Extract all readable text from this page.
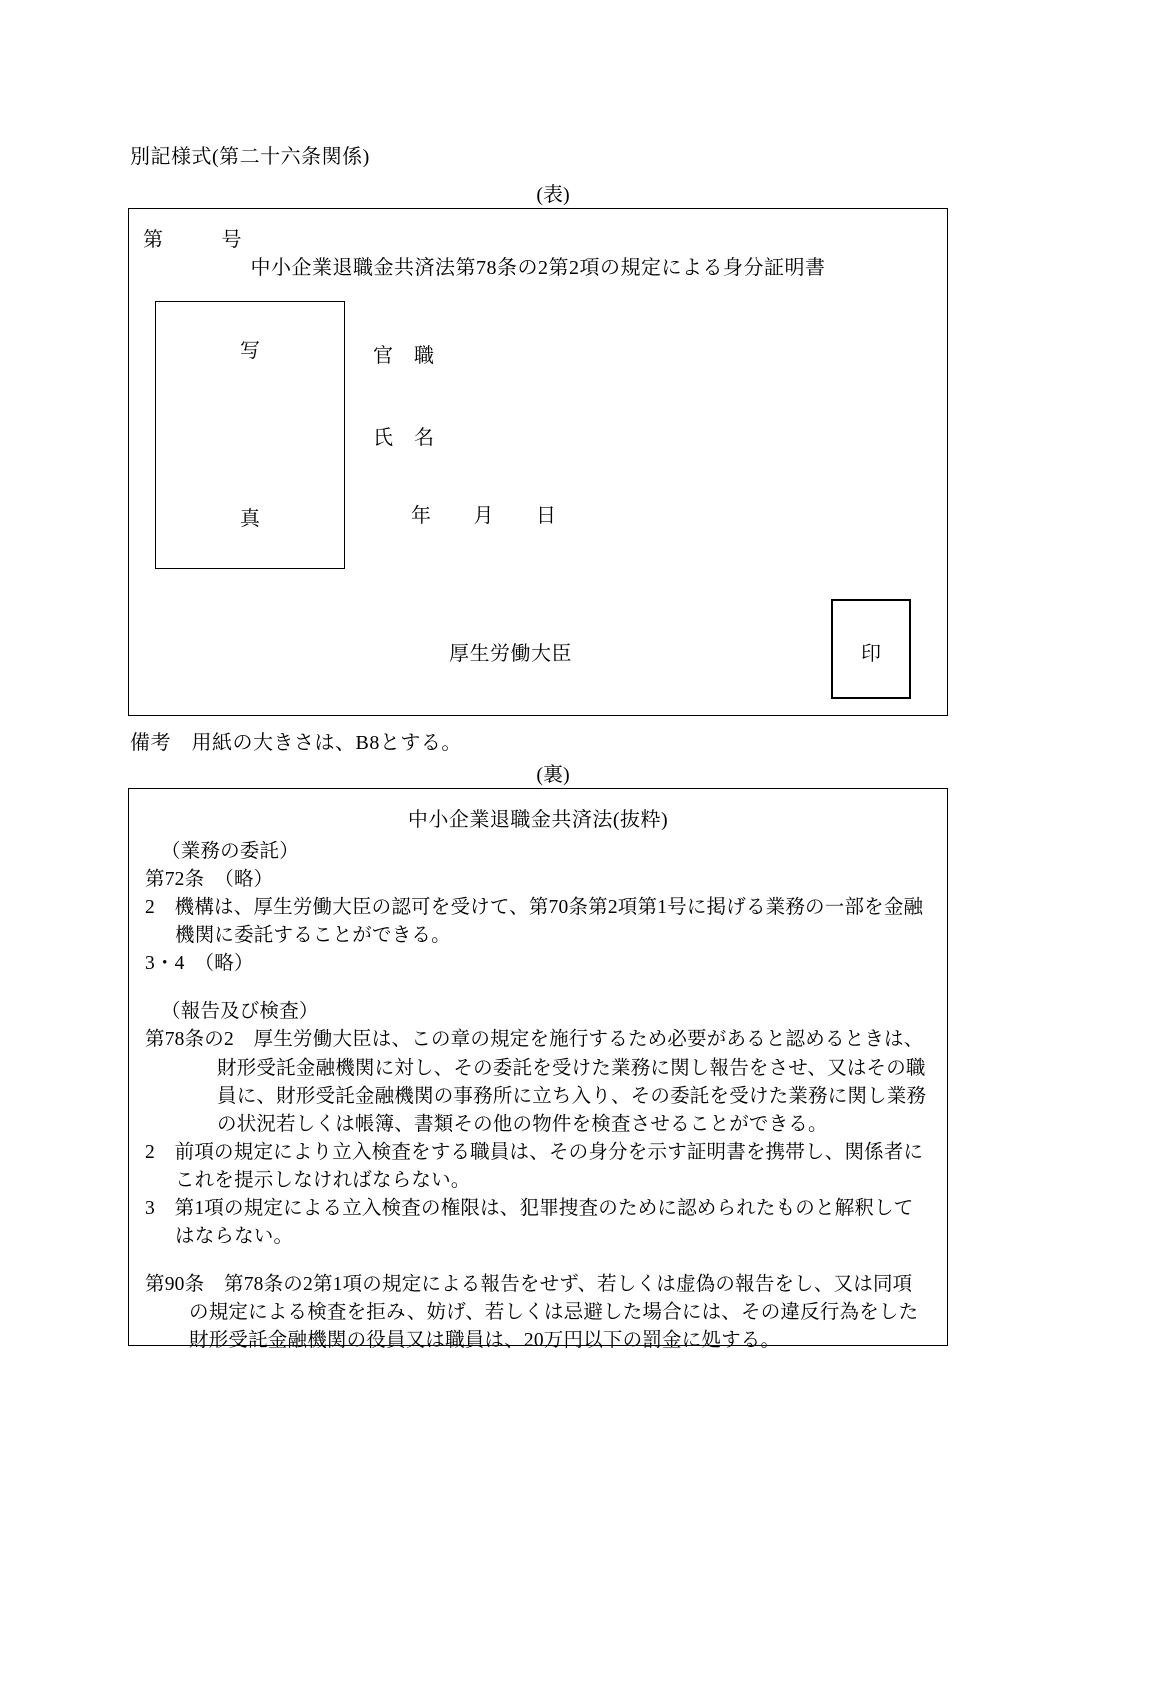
別記様式(第二十六条関係)
(表)
第	号
中小企業退職金共済法第78条の2第2項の規定による身分証明書
写
真
官　職
氏　名
年 月 日
厚生労働大臣	印
備考　用紙の大きさは、B8とする。
(裏)
中小企業退職金共済法(抜粋)

（業務の委託）

第72条　（略）

2　機構は、厚生労働大臣の認可を受けて、第70条第2項第1号に掲げる業務の一部を金融機関に委託することができる。

3・4　（略）

（報告及び検査）

第78条の2　厚生労働大臣は、この章の規定を施行するため必要があると認めるときは、財形受託金融機関に対し、その委託を受けた業務に関し報告をさせ、又はその職員に、財形受託金融機関の事務所に立ち入り、その委託を受けた業務に関し業務の状況若しくは帳簿、書類その他の物件を検査させることができる。

2　前項の規定により立入検査をする職員は、その身分を示す証明書を携帯し、関係者にこれを提示しなければならない。

3　第1項の規定による立入検査の権限は、犯罪捜査のために認められたものと解釈してはならない。

第90条　第78条の2第1項の規定による報告をせず、若しくは虚偽の報告をし、又は同項の規定による検査を拒み、妨げ、若しくは忌避した場合には、その違反行為をした財形受託金融機関の役員又は職員は、20万円以下の罰金に処する。
